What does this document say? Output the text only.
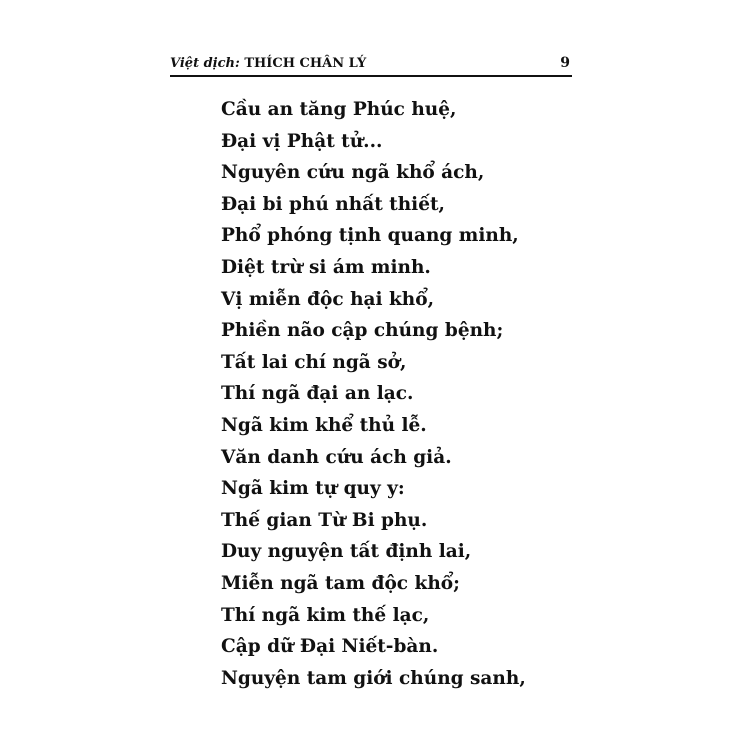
Việt dịch: THÍCH CHÂN LÝ	9
Cầu an tăng Phúc huệ,
Đại vị Phật tử...
Nguyên cứu ngã khổ ách,
Đại bi phú nhất thiết,
Phổ phóng tịnh quang minh,
Diệt trừ si ám minh.
Vị miễn độc hại khổ,
Phiền não cập chúng bệnh;
Tất lai chí ngã sở,
Thí ngã đại an lạc.
Ngã kim khể thủ lễ.
Văn danh cứu ách giả.
Ngã kim tự quy y:
Thế gian Từ Bi phụ.
Duy nguyện tất định lai,
Miễn ngã tam độc khổ;
Thí ngã kim thế lạc,
Cập dữ Đại Niết-bàn.
Nguyện tam giới chúng sanh,
